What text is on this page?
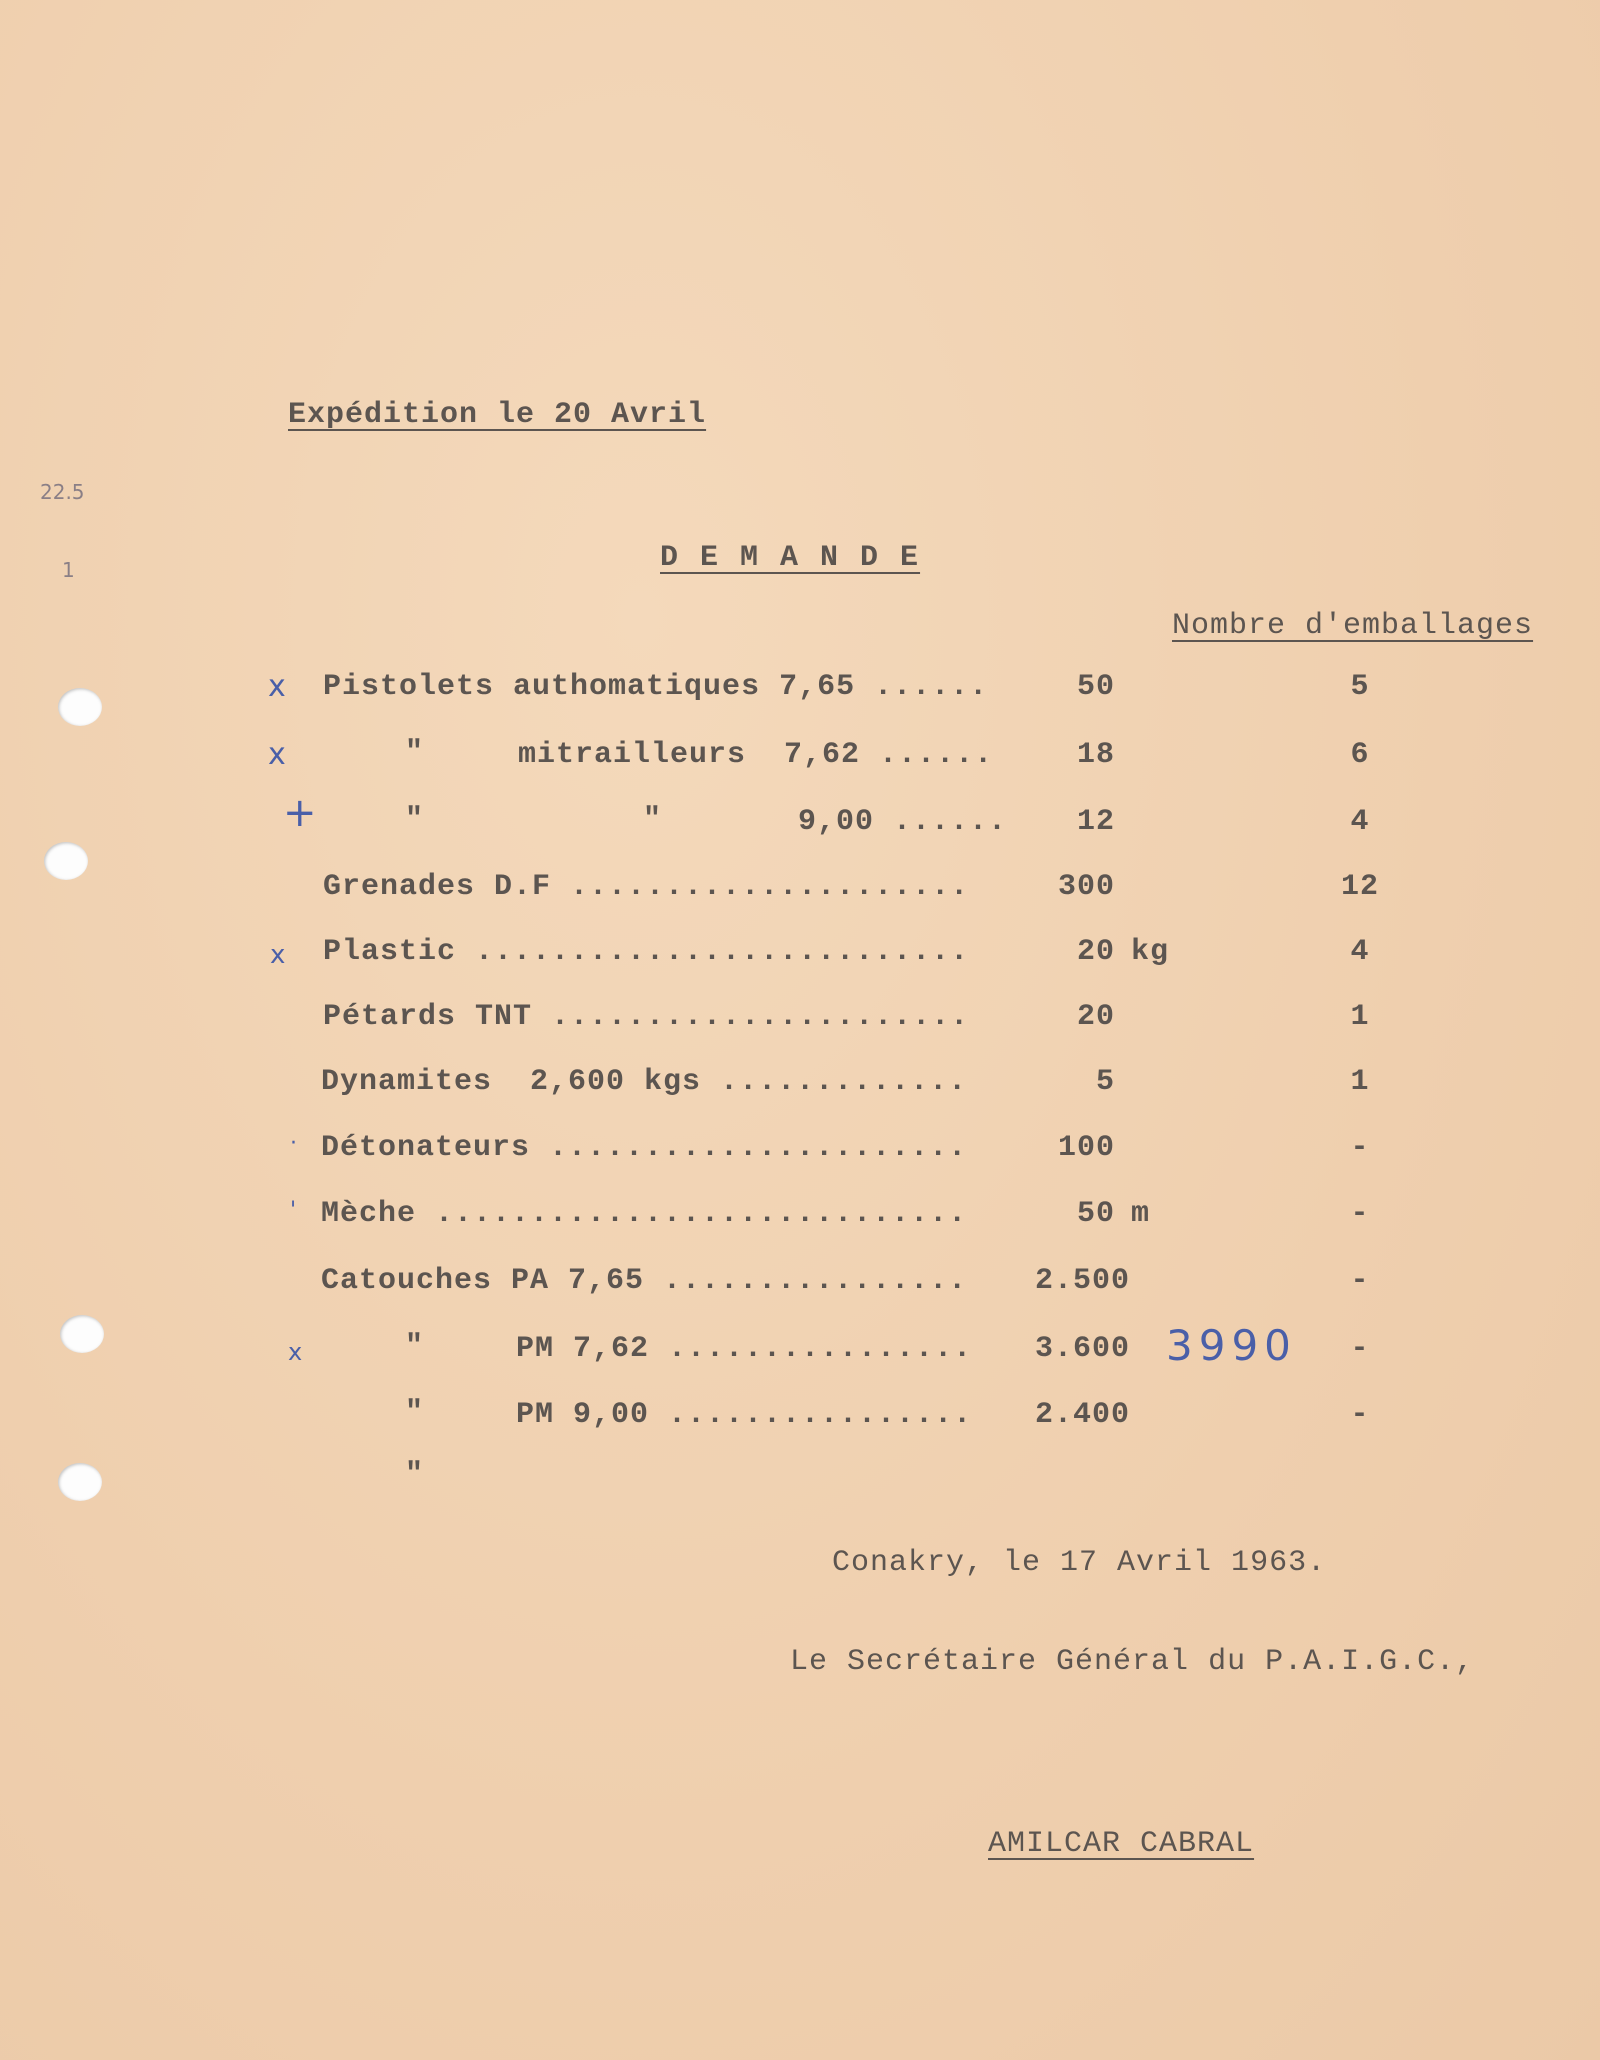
22.5
1
Expédition le 20 Avril
D E M A N D E
Nombre d'emballages
x Pistolets authomatiques 7,65 ......	50	5
x	"	mitrailleurs  7,62 ......	18	6
+	"	"	9,00 ......	12	4
Grenades D.F .....................	300	12
x Plastic ..........................	20 kg	4
Pétards TNT ......................	20	1
Dynamites  2,600 kgs .............	5	1
· Détonateurs ......................	100	-
' Mèche ............................	50 m	-
Catouches PA 7,65 ................	2.500	-
x	"	PM 7,62 ................	3.600 3990	-
"	PM 9,00 ................	2.400	-
"
Conakry, le 17 Avril 1963.
Le Secrétaire Général du P.A.I.G.C.,
AMILCAR CABRAL
